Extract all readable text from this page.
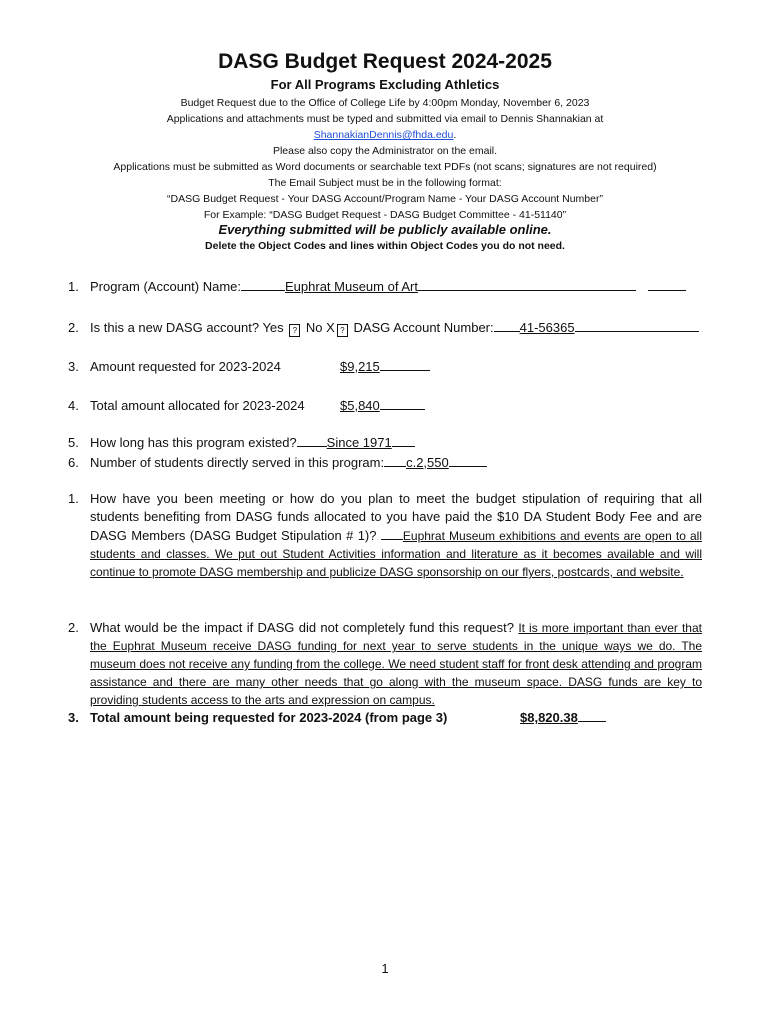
DASG Budget Request 2024-2025
For All Programs Excluding Athletics
Budget Request due to the Office of College Life by 4:00pm Monday, November 6, 2023
Applications and attachments must be typed and submitted via email to Dennis Shannakian at
ShannakianDennis@fhda.edu.
Please also copy the Administrator on the email.
Applications must be submitted as Word documents or searchable text PDFs (not scans; signatures are not required)
The Email Subject must be in the following format:
“DASG Budget Request - Your DASG Account/Program Name - Your DASG Account Number”
For Example: “DASG Budget Request - DASG Budget Committee - 41-51140”
Everything submitted will be publicly available online.
Delete the Object Codes and lines within Object Codes you do not need.
1. Program (Account) Name:	Euphrat Museum of Art
2. Is this a new DASG account? Yes ? No X ? DASG Account Number: 41-56365
3. Amount requested for 2023-2024	$9,215
4. Total amount allocated for 2023-2024	$5,840
5. How long has this program existed? Since 1971
6. Number of students directly served in this program: c.2,550
1. How have you been meeting or how do you plan to meet the budget stipulation of requiring that all students benefiting from DASG funds allocated to you have paid the $10 DA Student Body Fee and are DASG Members (DASG Budget Stipulation # 1)? Euphrat Museum exhibitions and events are open to all students and classes. We put out Student Activities information and literature as it becomes available and will continue to promote DASG membership and publicize DASG sponsorship on our flyers, postcards, and website.
2. What would be the impact if DASG did not completely fund this request? It is more important than ever that the Euphrat Museum receive DASG funding for next year to serve students in the unique ways we do. The museum does not receive any funding from the college. We need student staff for front desk attending and program assistance and there are many other needs that go along with the museum space. DASG funds are key to providing students access to the arts and expression on campus.
3. Total amount being requested for 2023-2024 (from page 3)	$8,820.38
1
